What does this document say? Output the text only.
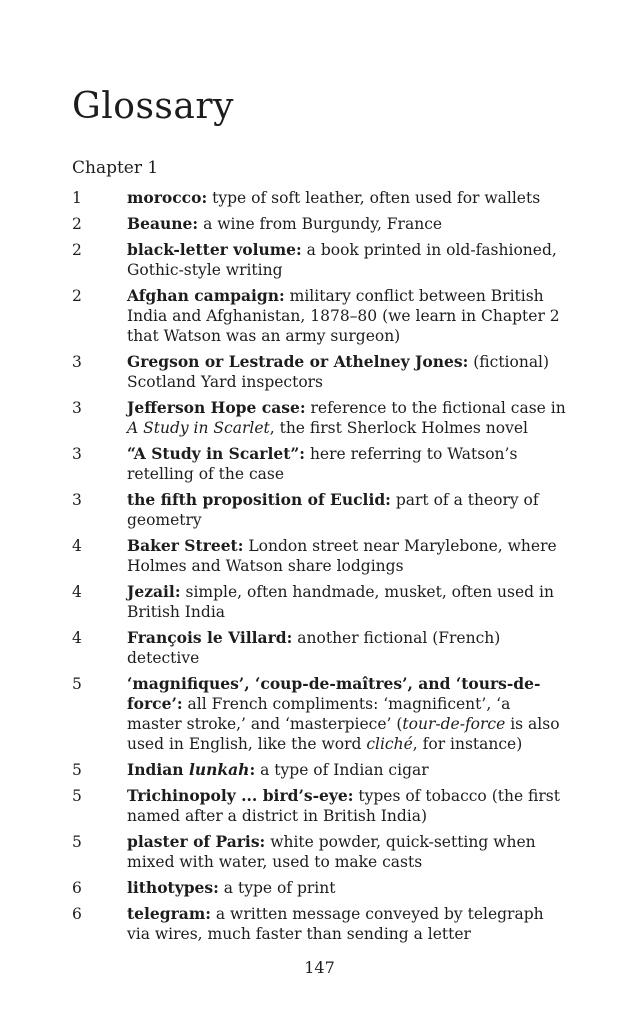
Glossary
Chapter 1
1	morocco: type of soft leather, often used for wallets
2	Beaune: a wine from Burgundy, France
2	black-letter volume: a book printed in old-fashioned, Gothic-style writing
2	Afghan campaign: military conflict between British India and Afghanistan, 1878–80 (we learn in Chapter 2 that Watson was an army surgeon)
3	Gregson or Lestrade or Athelney Jones: (fictional) Scotland Yard inspectors
3	Jefferson Hope case: reference to the fictional case in A Study in Scarlet, the first Sherlock Holmes novel
3	“A Study in Scarlet”: here referring to Watson’s retelling of the case
3	the fifth proposition of Euclid: part of a theory of geometry
4	Baker Street: London street near Marylebone, where Holmes and Watson share lodgings
4	Jezail: simple, often handmade, musket, often used in British India
4	François le Villard: another fictional (French) detective
5	‘magnifiques’, ‘coup-de-maîtres’, and ‘tours-de-force’: all French compliments: ‘magnificent’, ‘a master stroke,’ and ‘masterpiece’ (tour-de-force is also used in English, like the word cliché, for instance)
5	Indian lunkah: a type of Indian cigar
5	Trichinopoly ... bird’s-eye: types of tobacco (the first named after a district in British India)
5	plaster of Paris: white powder, quick-setting when mixed with water, used to make casts
6	lithotypes: a type of print
6	telegram: a written message conveyed by telegraph via wires, much faster than sending a letter
147
